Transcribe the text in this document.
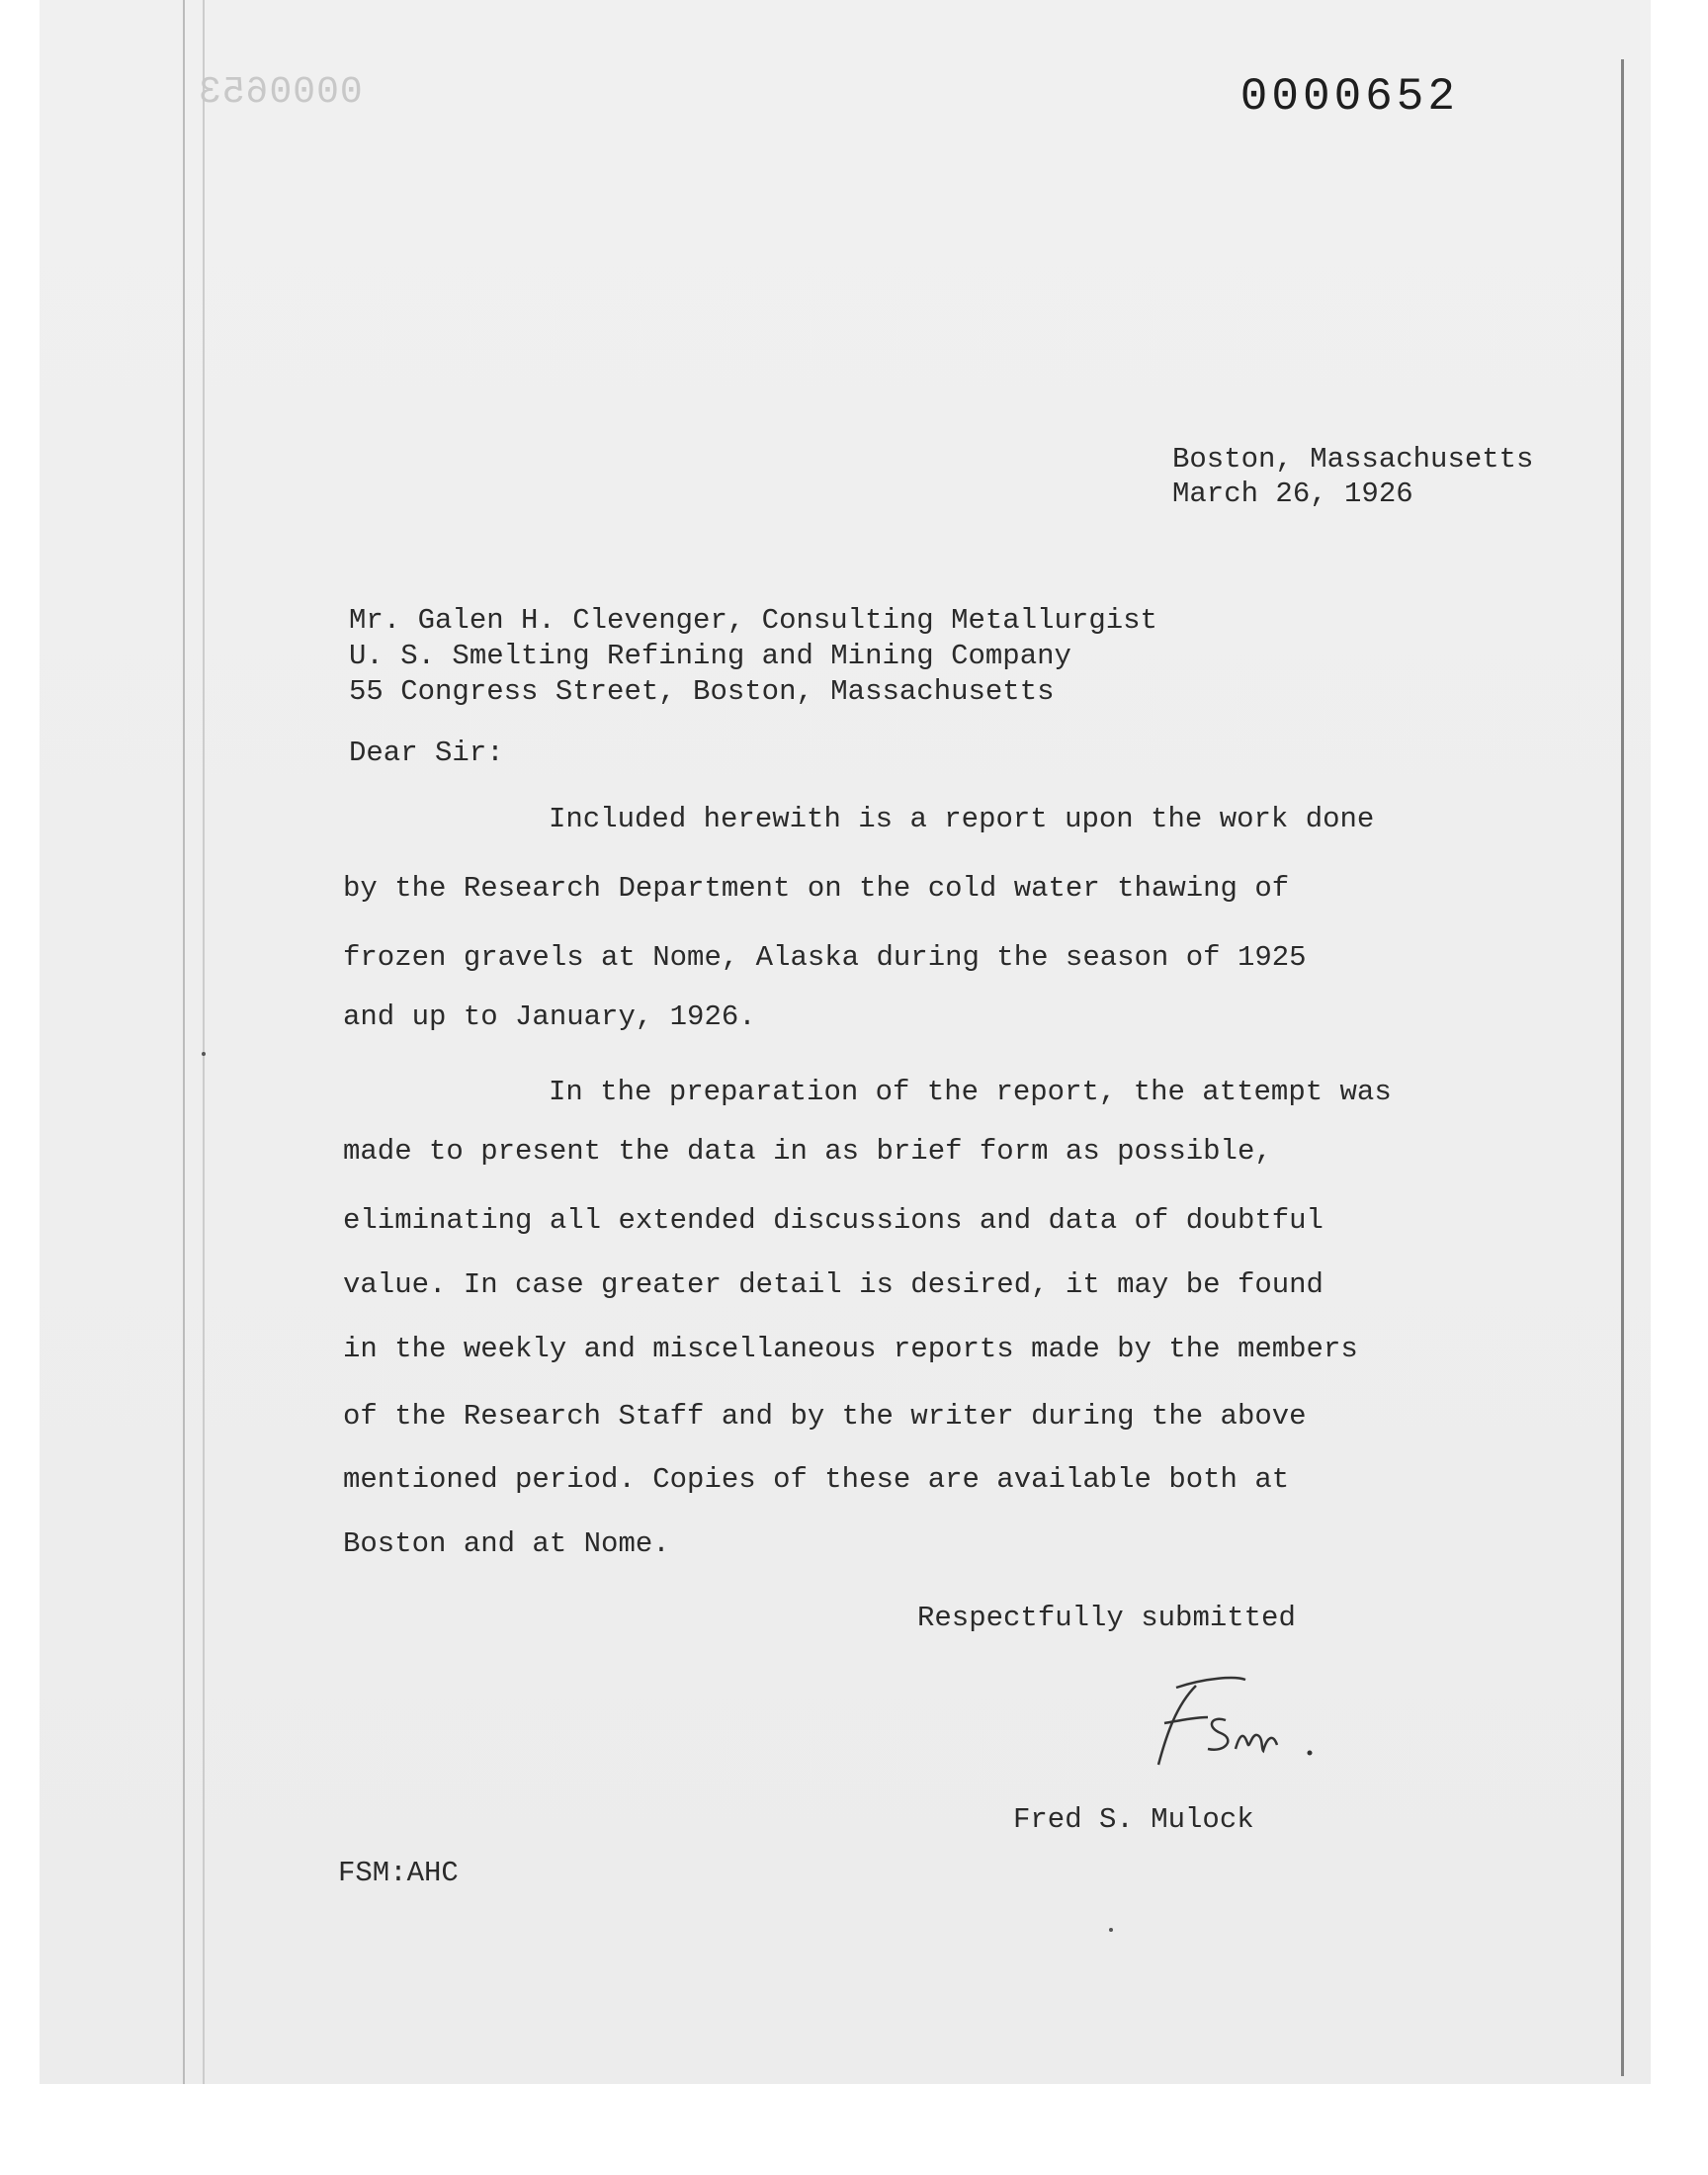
0000653	0000652
Boston, Massachusetts
March 26, 1926
Mr. Galen H. Clevenger, Consulting Metallurgist
U. S. Smelting Refining and Mining Company
55 Congress Street, Boston, Massachusetts
Dear Sir:
Included herewith is a report upon the work done
by the Research Department on the cold water thawing of
frozen gravels at Nome, Alaska during the season of 1925
and up to January, 1926.
In the preparation of the report, the attempt was
made to present the data in as brief form as possible,
eliminating all extended discussions and data of doubtful
value. In case greater detail is desired, it may be found
in the weekly and miscellaneous reports made by the members
of the Research Staff and by the writer during the above
mentioned period. Copies of these are available both at
Boston and at Nome.
Respectfully submitted
Fred S. Mulock
FSM:AHC
